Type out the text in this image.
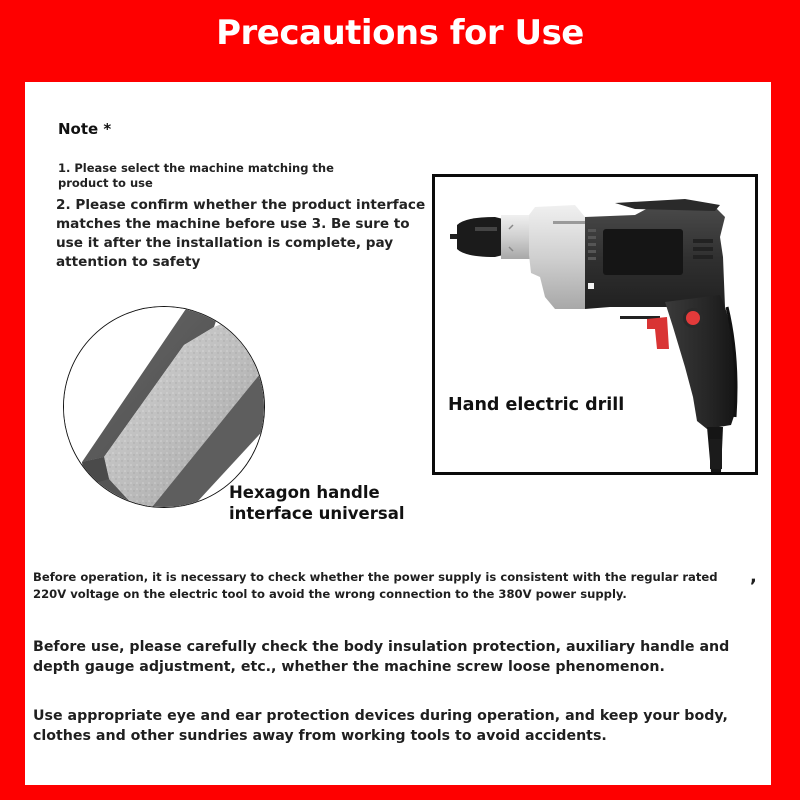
Precautions for Use
Note *
1. Please select the machine matching the product to use
2. Please confirm whether the product interface matches the machine before use 3. Be sure to use it after the installation is complete, pay attention to safety
Hexagon handle interface universal
Hand electric drill
Before operation, it is necessary to check whether the power supply is consistent with the regular rated 220V voltage on the electric tool to avoid the wrong connection to the 380V power supply.
,
Before use, please carefully check the body insulation protection, auxiliary handle and depth gauge adjustment, etc., whether the machine screw loose phenomenon.
Use appropriate eye and ear protection devices during operation, and keep your body, clothes and other sundries away from working tools to avoid accidents.
